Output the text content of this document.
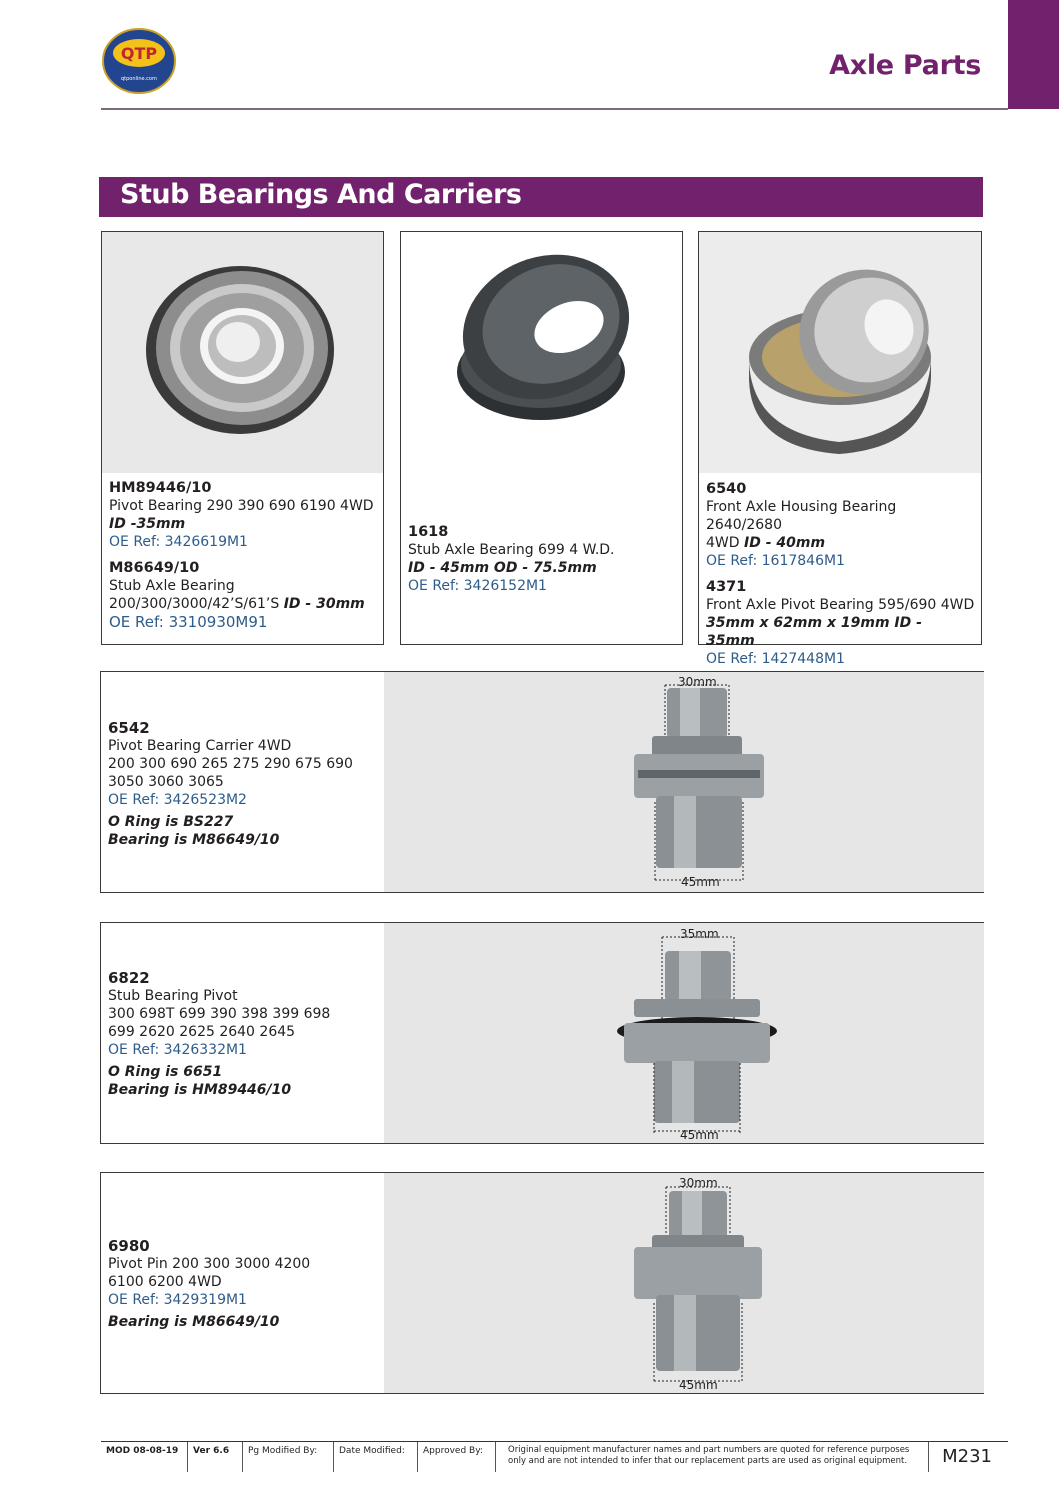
QTP
qtponline.com	Axle Parts
Stub Bearings And Carriers
HM89446/10
Pivot Bearing 290 390 690 6190 4WD
ID -35mm
OE Ref: 3426619M1
M86649/10
Stub Axle Bearing
200/300/3000/42’S/61’S ID - 30mm
OE Ref: 3310930M91
1618
Stub Axle Bearing 699 4 W.D.
ID - 45mm OD - 75.5mm
OE Ref: 3426152M1
6540
Front Axle Housing Bearing 2640/2680
4WD ID - 40mm
OE Ref: 1617846M1
4371
Front Axle Pivot Bearing 595/690 4WD
35mm x 62mm x 19mm ID - 35mm
OE Ref: 1427448M1
6542
Pivot Bearing Carrier 4WD
200 300 690 265 275 290 675 690
3050 3060 3065
OE Ref: 3426523M2
O Ring is BS227
Bearing is M86649/10
30mm
45mm
6822
Stub Bearing Pivot
300 698T 699 390 398 399 698
699 2620 2625 2640 2645
OE Ref: 3426332M1
O Ring is 6651
Bearing is HM89446/10
35mm
45mm
6980
Pivot Pin 200 300 3000 4200
6100 6200 4WD
OE Ref: 3429319M1
Bearing is M86649/10
30mm
45mm
MOD 08-08-19	Ver 6.6	Pg Modified By:	Date Modified:	Approved By:	Original equipment manufacturer names and part numbers are quoted for reference purposes
only and are not intended to infer that our replacement parts are used as original equipment.	M231
